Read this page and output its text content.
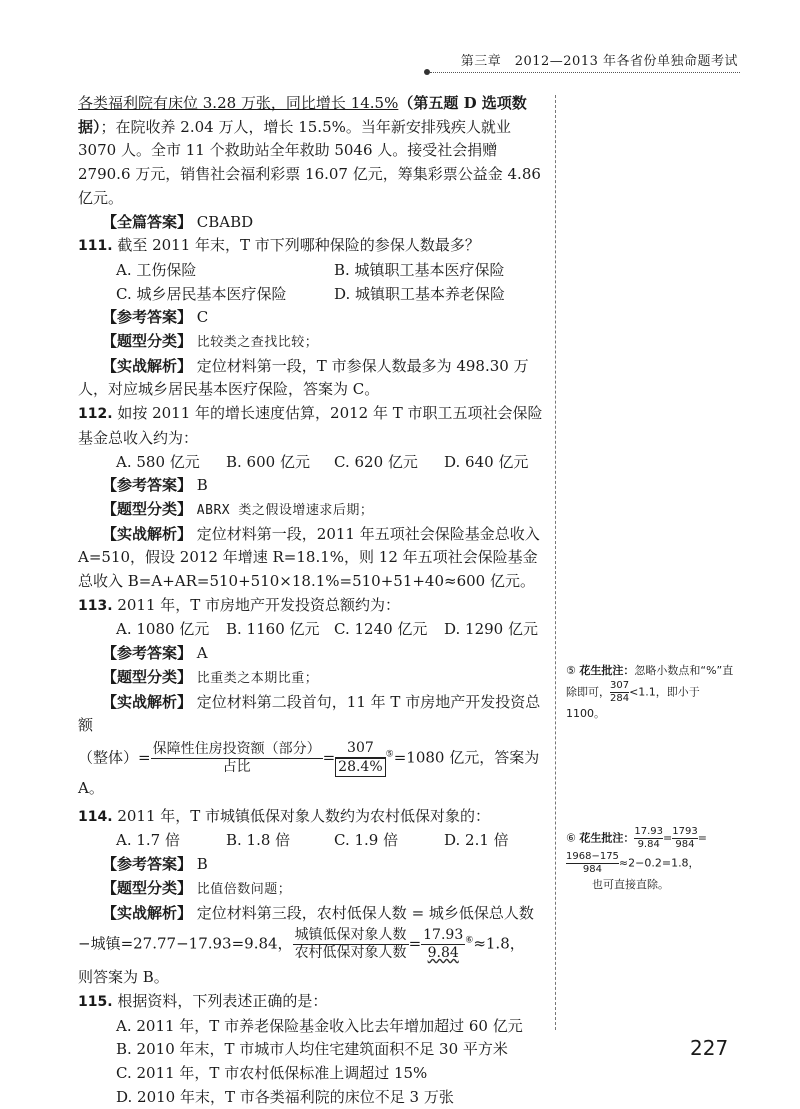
第三章　2012—2013 年各省份单独命题考试

各类福利院有床位 3.28 万张，同比增长 14.5%（第五题 D 选项数据）；在院收养 2.04 万人，增长 15.5%。当年新安排残疾人就业 3070 人。全市 11 个救助站全年救助 5046 人。接受社会捐赠 2790.6 万元，销售社会福利彩票 16.07 亿元，筹集彩票公益金 4.86 亿元。

【全篇答案】 CBABD

111. 截至 2011 年末，T 市下列哪种保险的参保人数最多？

A. 工伤保险	B. 城镇职工基本医疗保险
C. 城乡居民基本医疗保险	D. 城镇职工基本养老保险

【参考答案】 C

【题型分类】 比较类之查找比较；

【实战解析】 定位材料第一段，T 市参保人数最多为 498.30 万人，对应城乡居民基本医疗保险，答案为 C。

112. 如按 2011 年的增长速度估算，2012 年 T 市职工五项社会保险基金总收入约为：

A. 580 亿元	B. 600 亿元	C. 620 亿元	D. 640 亿元

【参考答案】 B

【题型分类】 ABRX 类之假设增速求后期；

【实战解析】 定位材料第一段，2011 年五项社会保险基金总收入 A=510，假设 2012 年增速 R=18.1%，则 12 年五项社会保险基金总收入 B=A+AR=510+510×18.1%=510+51+40≈600 亿元。

113. 2011 年，T 市房地产开发投资总额约为：

A. 1080 亿元	B. 1160 亿元 C. 1240 亿元	D. 1290 亿元

【参考答案】 A

【题型分类】 比重类之本期比重；

【实战解析】 定位材料第二段首句，11 年 T 市房地产开发投资总额

（整体）= $\frac{\text{保障性住房投资额（部分）}}{\text{占比}} = \frac{307}{28.4\%} ^⑤=1080$ 亿元，答案为 A。

114. 2011 年，T 市城镇低保对象人数约为农村低保对象的：

A. 1.7 倍	B. 1.8 倍	C. 1.9 倍	D. 2.1 倍

【参考答案】 B

【题型分类】 比值倍数问题；

【实战解析】 定位材料第三段，农村低保人数 = 城乡低保总人数

−城镇=27.77−17.93=9.84， $\frac{\text{城镇低保对象人数}}{\text{农村低保对象人数}} = \frac{17.93}{9.84} ^⑥\approx 1.8$，

则答案为 B。

115. 根据资料，下列表述正确的是：

A. 2011 年，T 市养老保险基金收入比去年增加超过 60 亿元

B. 2010 年末，T 市城市人均住宅建筑面积不足 30 平方米

C. 2011 年，T 市农村低保标准上调超过 15%

D. 2010 年末，T 市各类福利院的床位不足 3 万张

⑤ 花生批注：忽略小数点和“%”直除即可， $\frac{307}{284}<1.1$，即小于 1100。
⑥ 花生批注： $\frac{17.93}{9.84}= \frac{1793}{984}=$

$\frac{1968-175}{984}\approx 2-0.2=1.8$，
也可直接直除。
227
